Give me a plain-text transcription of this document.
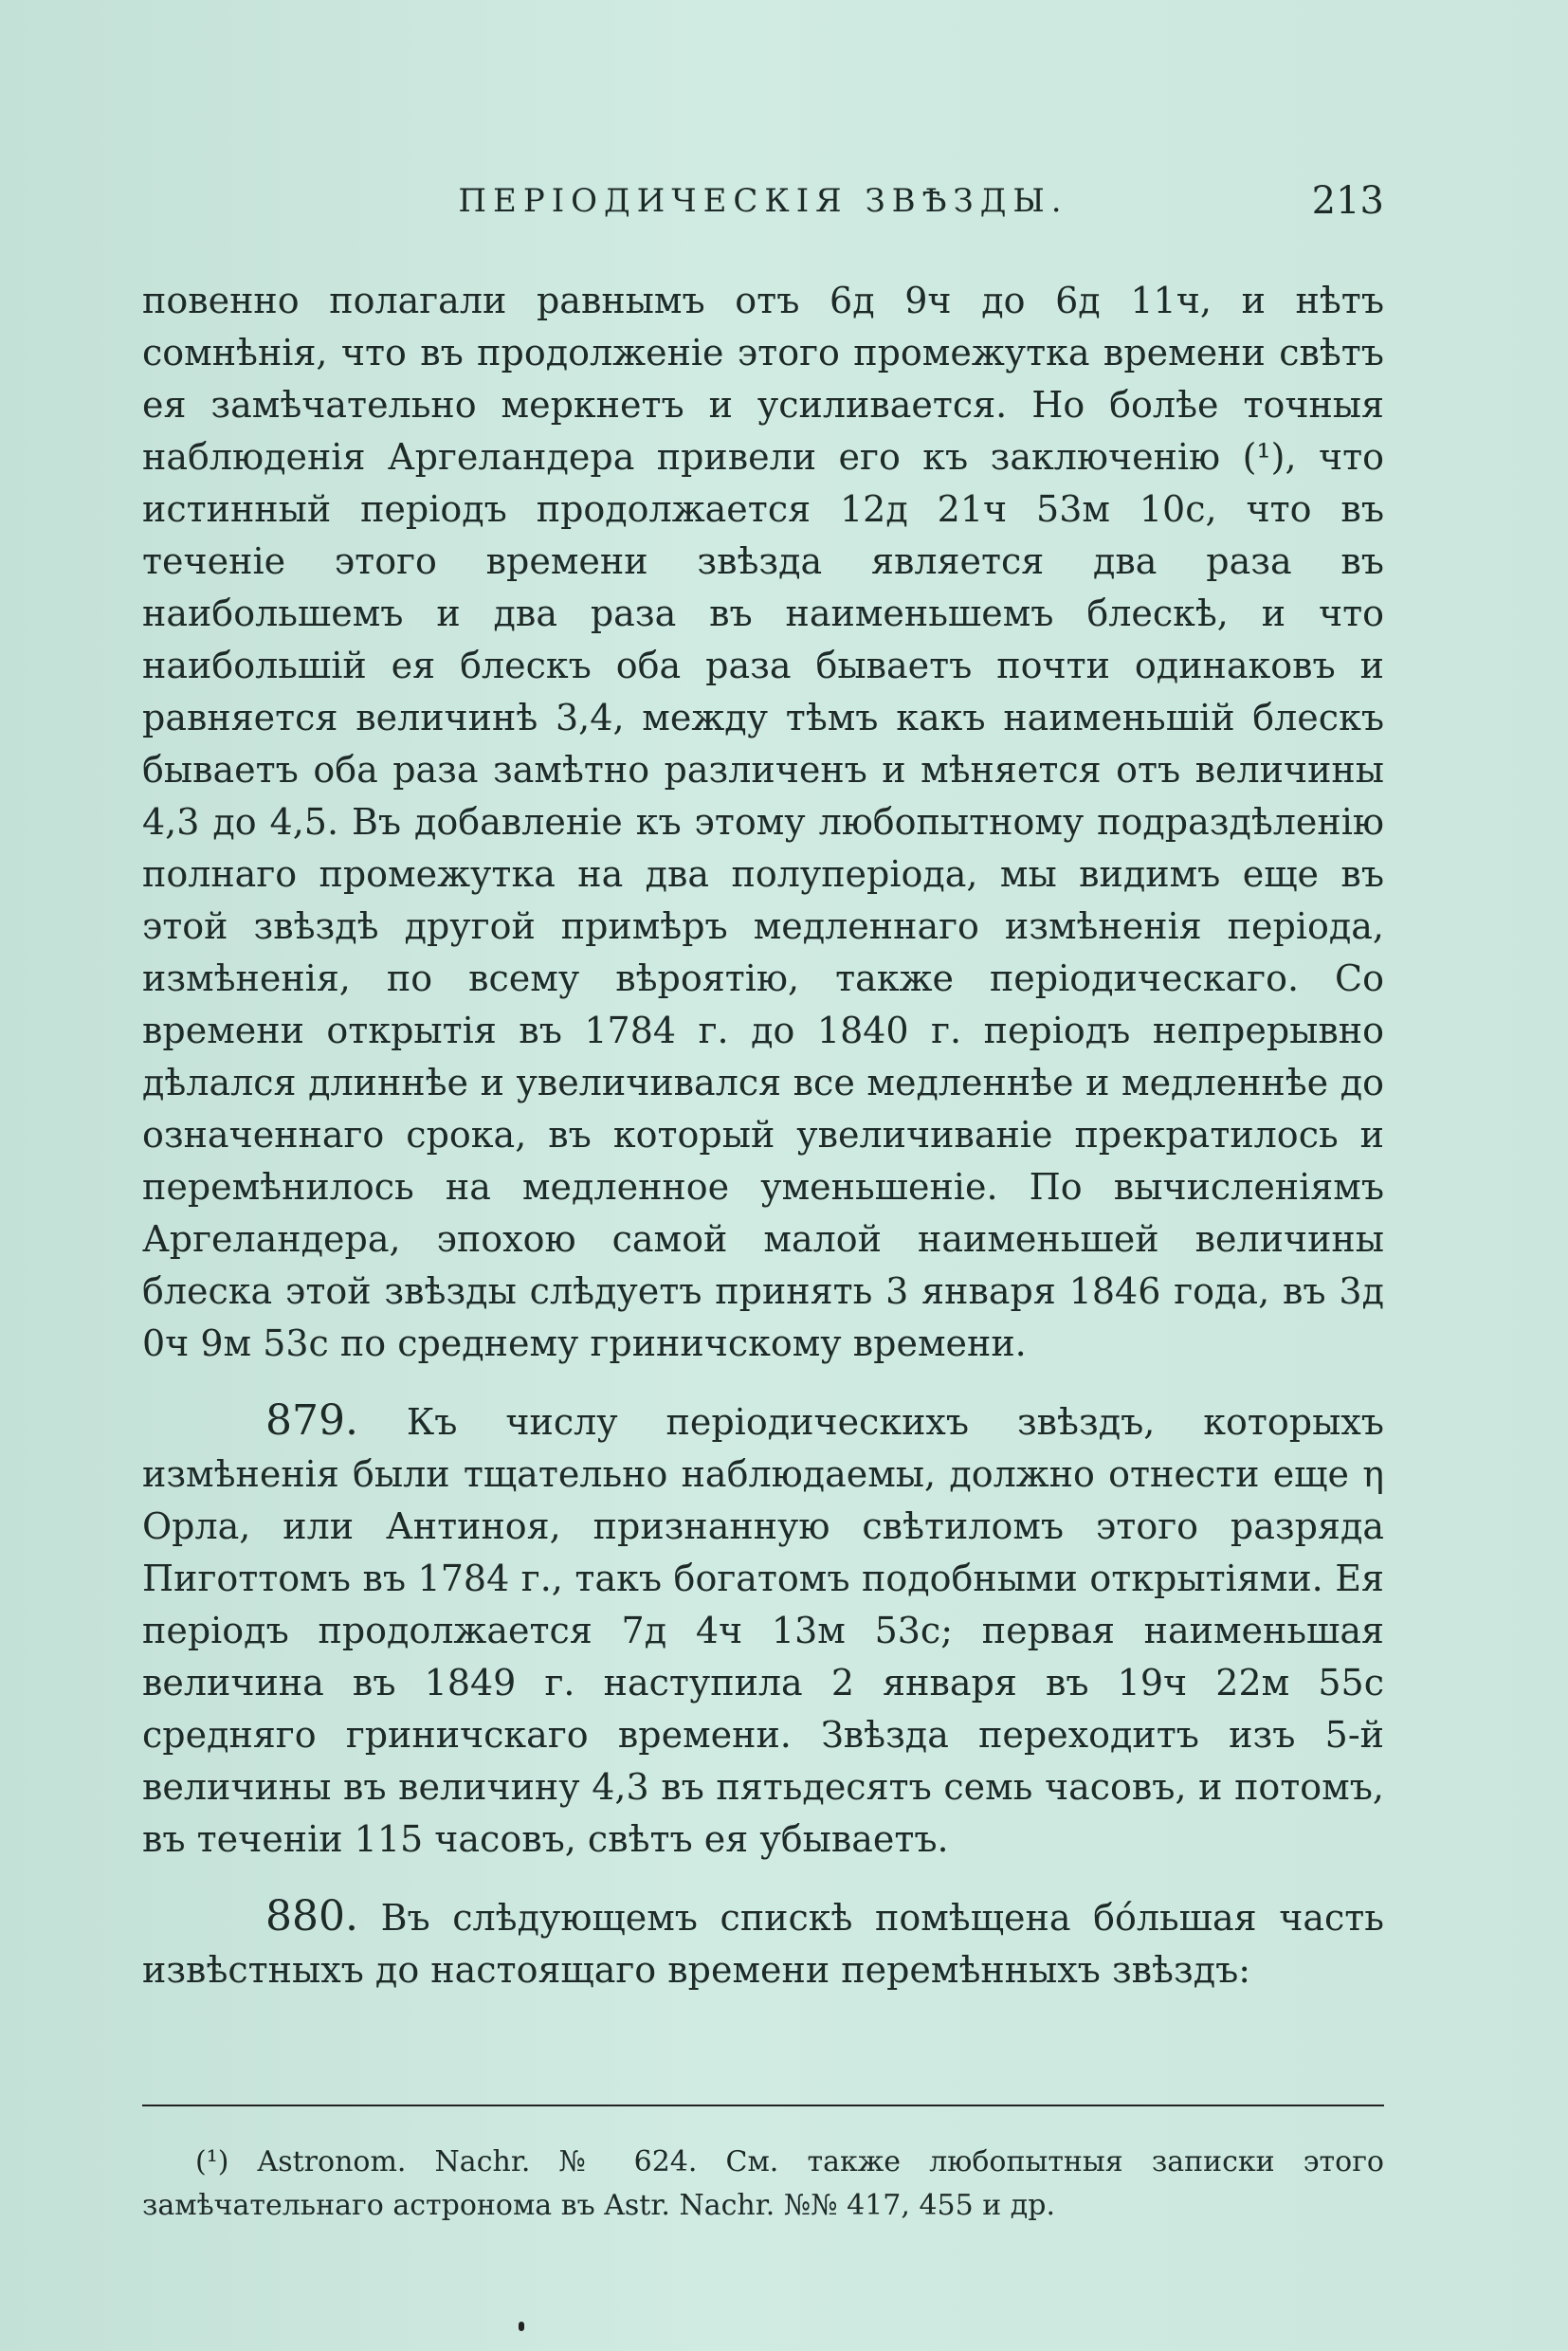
ПЕРІОДИЧЕСКІЯ ЗВѢЗДЫ.	213

повенно полагали равнымъ отъ 6д 9ч до 6д 11ч, и нѣтъ сомнѣнія, что въ продолженіе этого промежутка времени свѣтъ ея замѣчательно меркнетъ и усиливается. Но болѣе точныя наблюденія Аргеландера привели его къ заключенію (¹), что истинный періодъ продолжается 12д 21ч 53м 10с, что въ теченіе этого времени звѣзда является два раза въ наибольшемъ и два раза въ наименьшемъ блескѣ, и что наибольшій ея блескъ оба раза бываетъ почти одинаковъ и равняется величинѣ 3,4, между тѣмъ какъ наименьшій блескъ бываетъ оба раза замѣтно различенъ и мѣняется отъ величины 4,3 до 4,5. Въ добавленіе къ этому любопытному подраздѣленію полнаго промежутка на два полуперіода, мы видимъ еще въ этой звѣздѣ другой примѣръ медленнаго измѣненія періода, измѣненія, по всему вѣроятію, также періодическаго. Со времени открытія въ 1784 г. до 1840 г. періодъ непрерывно дѣлался длиннѣе и увеличивался все медленнѣе и медленнѣе до означеннаго срока, въ который увеличиваніе прекратилось и перемѣнилось на медленное уменьшеніе. По вычисленіямъ Аргеландера, эпохою самой малой наименьшей величины блеска этой звѣзды слѣдуетъ принять 3 января 1846 года, въ 3д 0ч 9м 53с по среднему гриничскому времени.

879. Къ числу періодическихъ звѣздъ, которыхъ измѣненія были тщательно наблюдаемы, должно отнести еще η Орла, или Антиноя, признанную свѣтиломъ этого разряда Пиготтомъ въ 1784 г., такъ богатомъ подобными открытіями. Ея періодъ продолжается 7д 4ч 13м 53с; первая наименьшая величина въ 1849 г. наступила 2 января въ 19ч 22м 55с средняго гриничскаго времени. Звѣзда переходитъ изъ 5-й величины въ величину 4,3 въ пятьдесятъ семь часовъ, и потомъ, въ теченіи 115 часовъ, свѣтъ ея убываетъ.

880. Въ слѣдующемъ спискѣ помѣщена бóльшая часть извѣстныхъ до настоящаго времени перемѣнныхъ звѣздъ:

(¹) Astronom. Nachr. № 624. См. также любопытныя записки этого замѣчательнаго астронома въ Astr. Nachr. №№ 417, 455 и др.
